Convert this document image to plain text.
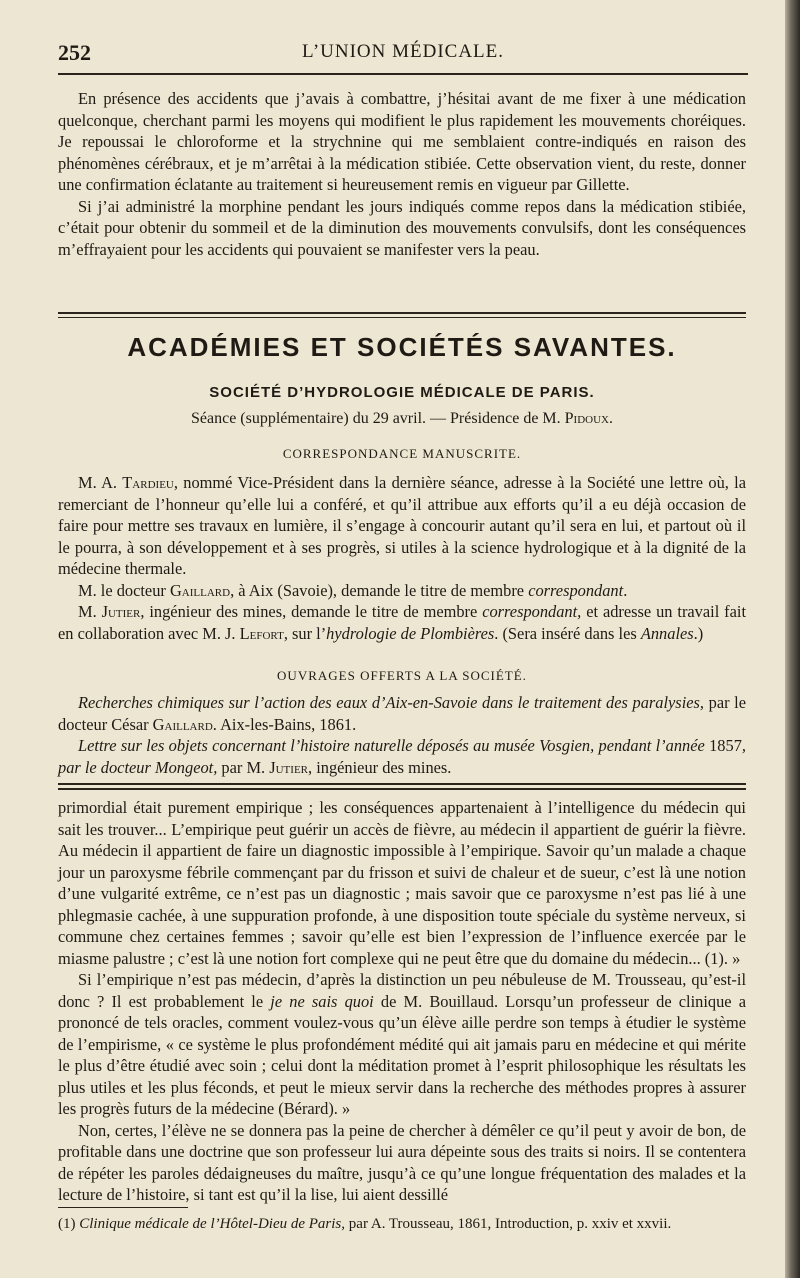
252	L’UNION MÉDICALE.

En présence des accidents que j’avais à combattre, j’hésitai avant de me fixer à une médication quelconque, cherchant parmi les moyens qui modifient le plus rapidement les mouvements choréiques. Je repoussai le chloroforme et la strychnine qui me semblaient contre-indiqués en raison des phénomènes cérébraux, et je m’arrêtai à la médication stibiée. Cette observation vient, du reste, donner une confirmation éclatante au traitement si heureusement remis en vigueur par Gillette.

Si j’ai administré la morphine pendant les jours indiqués comme repos dans la médication stibiée, c’était pour obtenir du sommeil et de la diminution des mouvements convulsifs, dont les conséquences m’effrayaient pour les accidents qui pouvaient se manifester vers la peau.

ACADÉMIES ET SOCIÉTÉS SAVANTES.
SOCIÉTÉ D’HYDROLOGIE MÉDICALE DE PARIS.
Séance (supplémentaire) du 29 avril. — Présidence de M. Pidoux.
CORRESPONDANCE MANUSCRITE.

M. A. Tardieu, nommé Vice-Président dans la dernière séance, adresse à la Société une lettre où, la remerciant de l’honneur qu’elle lui a conféré, et qu’il attribue aux efforts qu’il a eu déjà occasion de faire pour mettre ses travaux en lumière, il s’engage à concourir autant qu’il sera en lui, et partout où il le pourra, à son développement et à ses progrès, si utiles à la science hydrologique et à la dignité de la médecine thermale.

M. le docteur Gaillard, à Aix (Savoie), demande le titre de membre correspondant.

M. Jutier, ingénieur des mines, demande le titre de membre correspondant, et adresse un travail fait en collaboration avec M. J. Lefort, sur l’hydrologie de Plombières. (Sera inséré dans les Annales.)

OUVRAGES OFFERTS A LA SOCIÉTÉ.

Recherches chimiques sur l’action des eaux d’Aix-en-Savoie dans le traitement des paralysies, par le docteur César Gaillard. Aix-les-Bains, 1861.

Lettre sur les objets concernant l’histoire naturelle déposés au musée Vosgien, pendant l’année 1857, par le docteur Mongeot, par M. Jutier, ingénieur des mines.

primordial était purement empirique ; les conséquences appartenaient à l’intelligence du médecin qui sait les trouver... L’empirique peut guérir un accès de fièvre, au médecin il appartient de guérir la fièvre. Au médecin il appartient de faire un diagnostic impossible à l’empirique. Savoir qu’un malade a chaque jour un paroxysme fébrile commençant par du frisson et suivi de chaleur et de sueur, c’est là une notion d’une vulgarité extrême, ce n’est pas un diagnostic ; mais savoir que ce paroxysme n’est pas lié à une phlegmasie cachée, à une suppuration profonde, à une disposition toute spéciale du système nerveux, si commune chez certaines femmes ; savoir qu’elle est bien l’expression de l’influence exercée par le miasme palustre ; c’est là une notion fort complexe qui ne peut être que du domaine du médecin... (1). »

Si l’empirique n’est pas médecin, d’après la distinction un peu nébuleuse de M. Trousseau, qu’est-il donc ? Il est probablement le je ne sais quoi de M. Bouillaud. Lorsqu’un professeur de clinique a prononcé de tels oracles, comment voulez-vous qu’un élève aille perdre son temps à étudier le système de l’empirisme, « ce système le plus profondément médité qui ait jamais paru en médecine et qui mérite le plus d’être étudié avec soin ; celui dont la méditation promet à l’esprit philosophique les résultats les plus utiles et les plus féconds, et peut le mieux servir dans la recherche des méthodes propres à assurer les progrès futurs de la médecine (Bérard). »

Non, certes, l’élève ne se donnera pas la peine de chercher à démêler ce qu’il peut y avoir de bon, de profitable dans une doctrine que son professeur lui aura dépeinte sous des traits si noirs. Il se contentera de répéter les paroles dédaigneuses du maître, jusqu’à ce qu’une longue fréquentation des malades et la lecture de l’histoire, si tant est qu’il la lise, lui aient dessillé

(1) Clinique médicale de l’Hôtel-Dieu de Paris, par A. Trousseau, 1861, Introduction, p. xxiv et xxvii.
